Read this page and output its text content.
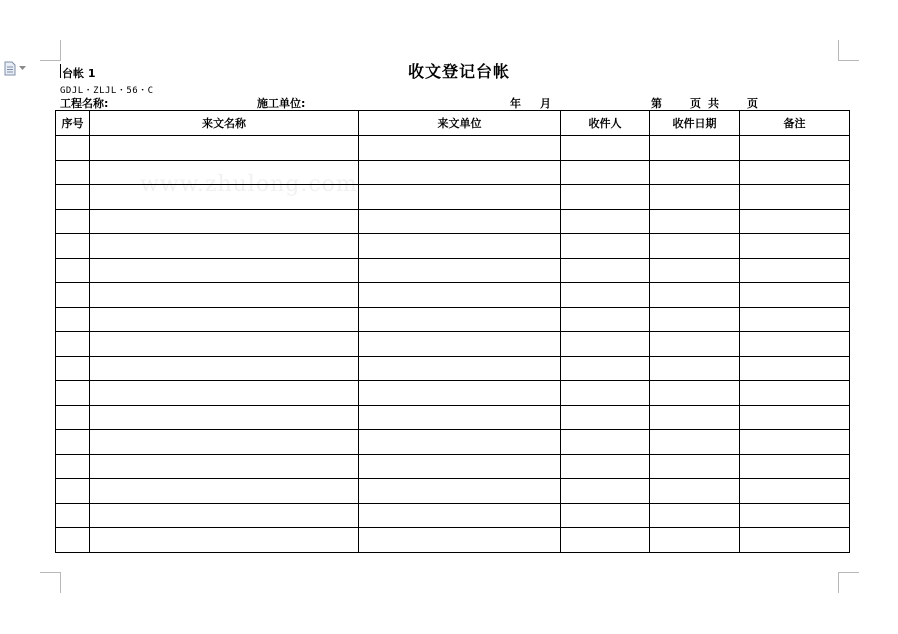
台帐 1	收文登记台帐
GDJL・ZLJL・56・C
工程名称:	施工单位:	年 月	第	页 共	页
www.zhulong.com
序号	来文名称	来文单位	收件人	收件日期	备注
